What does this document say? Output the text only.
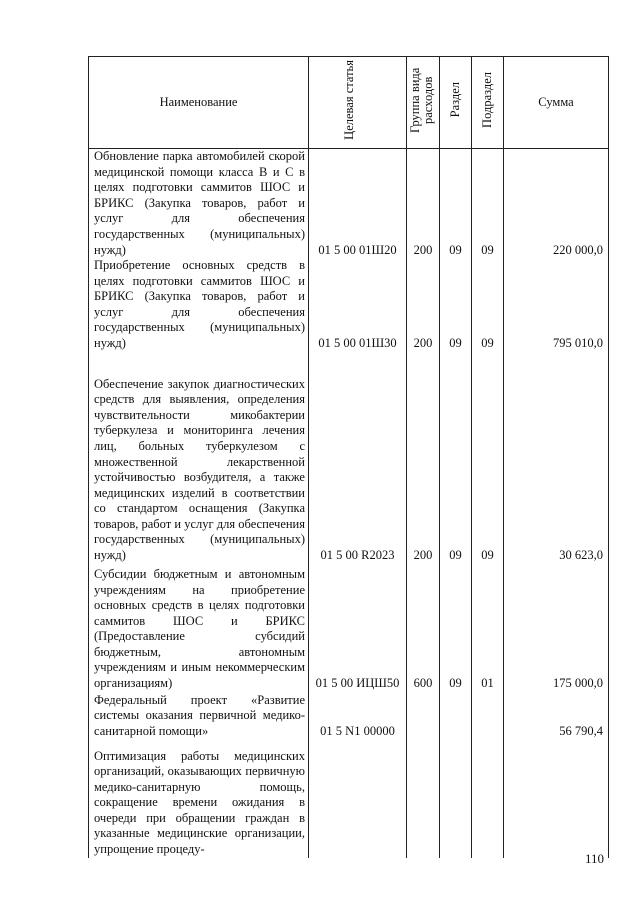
Наименование	Целевая статья	Группа вида расходов	Раздел	Подраздел	Сумма
Обновление парка автомобилей скорой медицинской помощи класса В и С в целях подготовки саммитов ШОС и БРИКС (Закупка товаров, работ и услуг для обеспечения государственных (муниципальных) нужд)	01 5 00 01Ш20	200	09	09	220 000,0
Приобретение основных средств в целях подготовки саммитов ШОС и БРИКС (Закупка товаров, работ и услуг для обеспечения государственных (муниципальных) нужд)	01 5 00 01Ш30	200	09	09	795 010,0
Обеспечение закупок диагностических средств для выявления, определения чувствительности микобактерии туберкулеза и мониторинга лечения лиц, больных туберкулезом с множественной лекарственной устойчивостью возбудителя, а также медицинских изделий в соответствии со стандартом оснащения (Закупка товаров, работ и услуг для обеспечения государственных (муниципальных) нужд)	01 5 00 R2023	200	09	09	30 623,0
Субсидии бюджетным и автономным учреждениям на приобретение основных средств в целях подготовки саммитов ШОС и БРИКС (Предоставление субсидий бюджетным, автономным учреждениям и иным некоммерческим организациям)	01 5 00 ИЦШ50	600	09	01	175 000,0
Федеральный проект «Развитие системы оказания первичной медико-санитарной помощи»	01 5 N1 00000				56 790,4
Оптимизация работы медицинских организаций, оказывающих первичную медико-санитарную помощь, сокращение времени ожидания в очереди при обращении граждан в указанные медицинские организации, упрощение процеду-					
110
